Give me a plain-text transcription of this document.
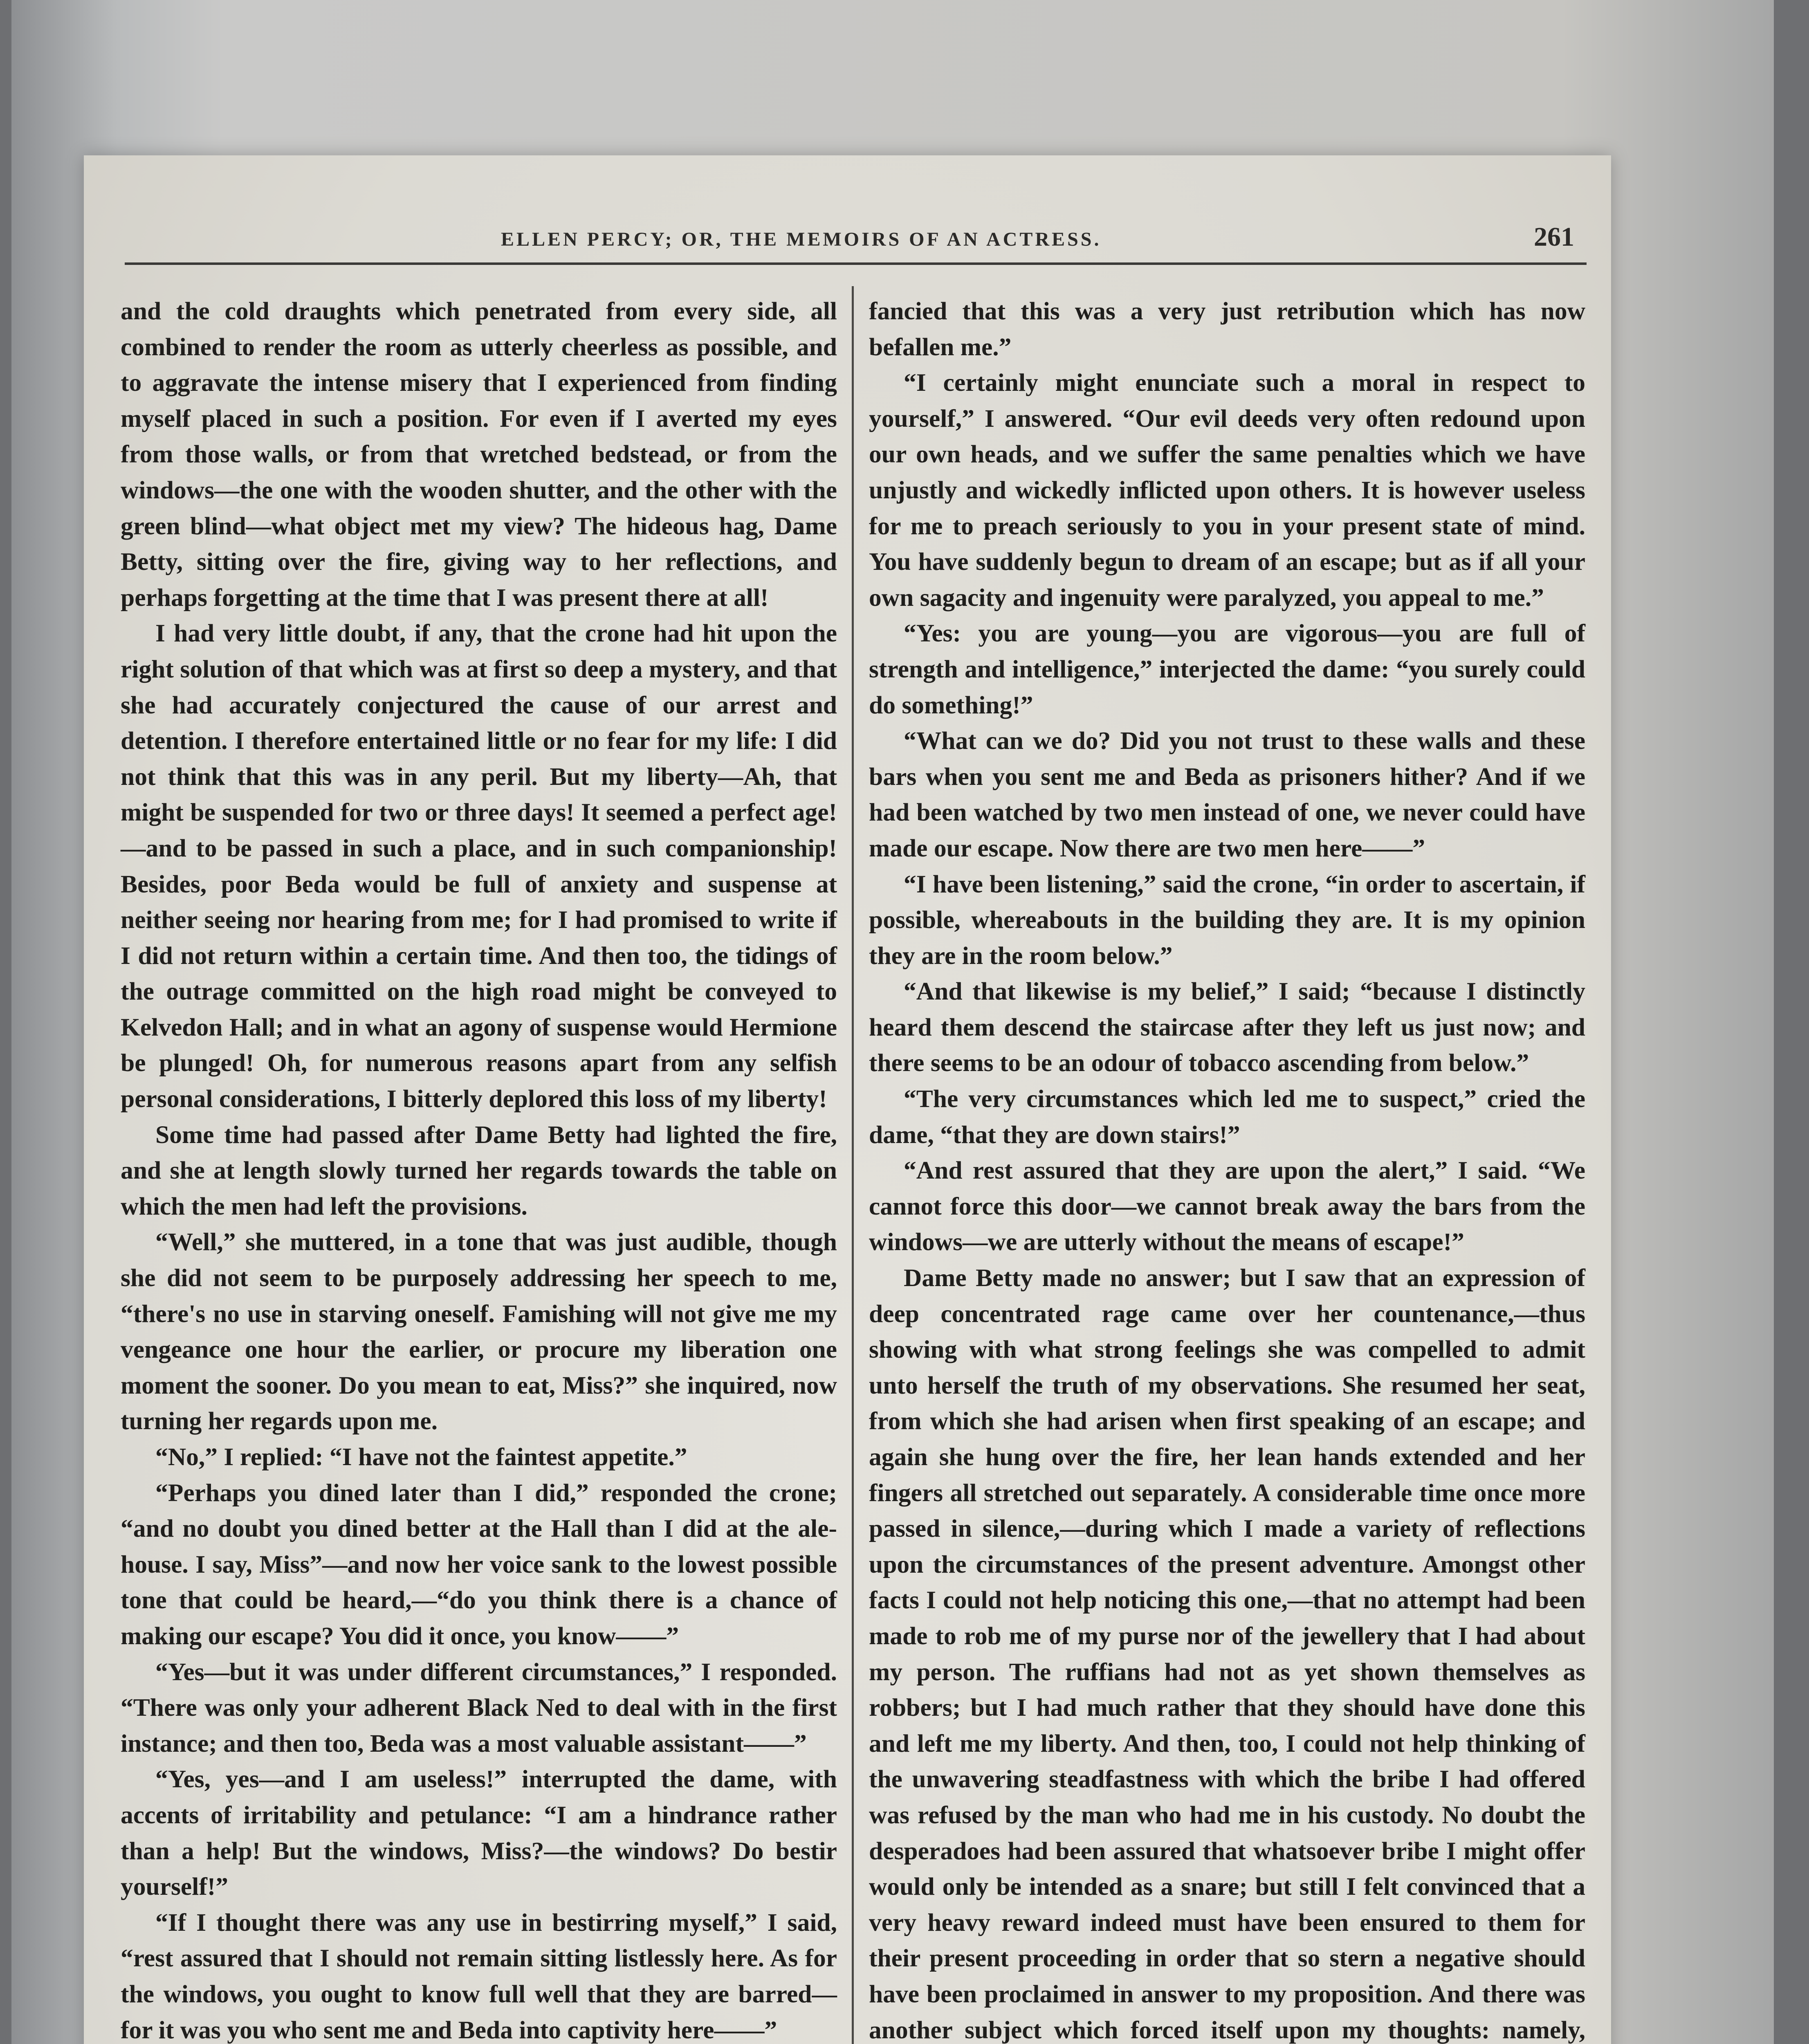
ELLEN PERCY; OR, THE MEMOIRS OF AN ACTRESS.	261

and the cold draughts which penetrated from every side, all combined to render the room as utterly cheerless as possible, and to aggravate the intense misery that I experienced from finding myself placed in such a position. For even if I averted my eyes from those walls, or from that wretched bedstead, or from the windows—the one with the wooden shutter, and the other with the green blind—what object met my view? The hideous hag, Dame Betty, sitting over the fire, giving way to her reflections, and perhaps forgetting at the time that I was present there at all!

I had very little doubt, if any, that the crone had hit upon the right solution of that which was at first so deep a mystery, and that she had accurately conjectured the cause of our arrest and detention. I therefore entertained little or no fear for my life: I did not think that this was in any peril. But my liberty—Ah, that might be suspended for two or three days! It seemed a perfect age!—and to be passed in such a place, and in such companionship! Besides, poor Beda would be full of anxiety and suspense at neither seeing nor hearing from me; for I had promised to write if I did not return within a certain time. And then too, the tidings of the outrage committed on the high road might be conveyed to Kelvedon Hall; and in what an agony of suspense would Hermione be plunged! Oh, for numerous reasons apart from any selfish personal considerations, I bitterly deplored this loss of my liberty!

Some time had passed after Dame Betty had lighted the fire, and she at length slowly turned her regards towards the table on which the men had left the provisions.

“Well,” she muttered, in a tone that was just audible, though she did not seem to be purposely addressing her speech to me, “there's no use in starving oneself. Famishing will not give me my vengeance one hour the earlier, or procure my liberation one moment the sooner. Do you mean to eat, Miss?” she inquired, now turning her regards upon me.

“No,” I replied: “I have not the faintest appetite.”

“Perhaps you dined later than I did,” responded the crone; “and no doubt you dined better at the Hall than I did at the ale-house. I say, Miss”—and now her voice sank to the lowest possible tone that could be heard,—“do you think there is a chance of making our escape? You did it once, you know——”

“Yes—but it was under different circumstances,” I responded. “There was only your adherent Black Ned to deal with in the first instance; and then too, Beda was a most valuable assistant——”

“Yes, yes—and I am useless!” interrupted the dame, with accents of irritability and petulance: “I am a hindrance rather than a help! But the windows, Miss?—the windows? Do bestir yourself!”

“If I thought there was any use in bestirring myself,” I said, “rest assured that I should not remain sitting listlessly here. As for the windows, you ought to know full well that they are barred—for it was you who sent me and Beda into captivity here——”

fancied that this was a very just retribution which has now befallen me.”

“I certainly might enunciate such a moral in respect to yourself,” I answered. “Our evil deeds very often redound upon our own heads, and we suffer the same penalties which we have unjustly and wickedly inflicted upon others. It is however useless for me to preach seriously to you in your present state of mind. You have suddenly begun to dream of an escape; but as if all your own sagacity and ingenuity were paralyzed, you appeal to me.”

“Yes: you are young—you are vigorous—you are full of strength and intelligence,” interjected the dame: “you surely could do something!”

“What can we do? Did you not trust to these walls and these bars when you sent me and Beda as prisoners hither? And if we had been watched by two men instead of one, we never could have made our escape. Now there are two men here——”

“I have been listening,” said the crone, “in order to ascertain, if possible, whereabouts in the building they are. It is my opinion they are in the room below.”

“And that likewise is my belief,” I said; “because I distinctly heard them descend the staircase after they left us just now; and there seems to be an odour of tobacco ascending from below.”

“The very circumstances which led me to suspect,” cried the dame, “that they are down stairs!”

“And rest assured that they are upon the alert,” I said. “We cannot force this door—we cannot break away the bars from the windows—we are utterly without the means of escape!”

Dame Betty made no answer; but I saw that an expression of deep concentrated rage came over her countenance,—thus showing with what strong feelings she was compelled to admit unto herself the truth of my observations. She resumed her seat, from which she had arisen when first speaking of an escape; and again she hung over the fire, her lean hands extended and her fingers all stretched out separately. A considerable time once more passed in silence,—during which I made a variety of reflections upon the circumstances of the present adventure. Amongst other facts I could not help noticing this one,—that no attempt had been made to rob me of my purse nor of the jewellery that I had about my person. The ruffians had not as yet shown themselves as robbers; but I had much rather that they should have done this and left me my liberty. And then, too, I could not help thinking of the unwavering steadfastness with which the bribe I had offered was refused by the man who had me in his custody. No doubt the desperadoes had been assured that whatsoever bribe I might offer would only be intended as a snare; but still I felt convinced that a very heavy reward indeed must have been ensured to them for their present proceeding in order that so stern a negative should have been proclaimed in answer to my proposition. And there was another subject which forced itself upon my thoughts: namely,
